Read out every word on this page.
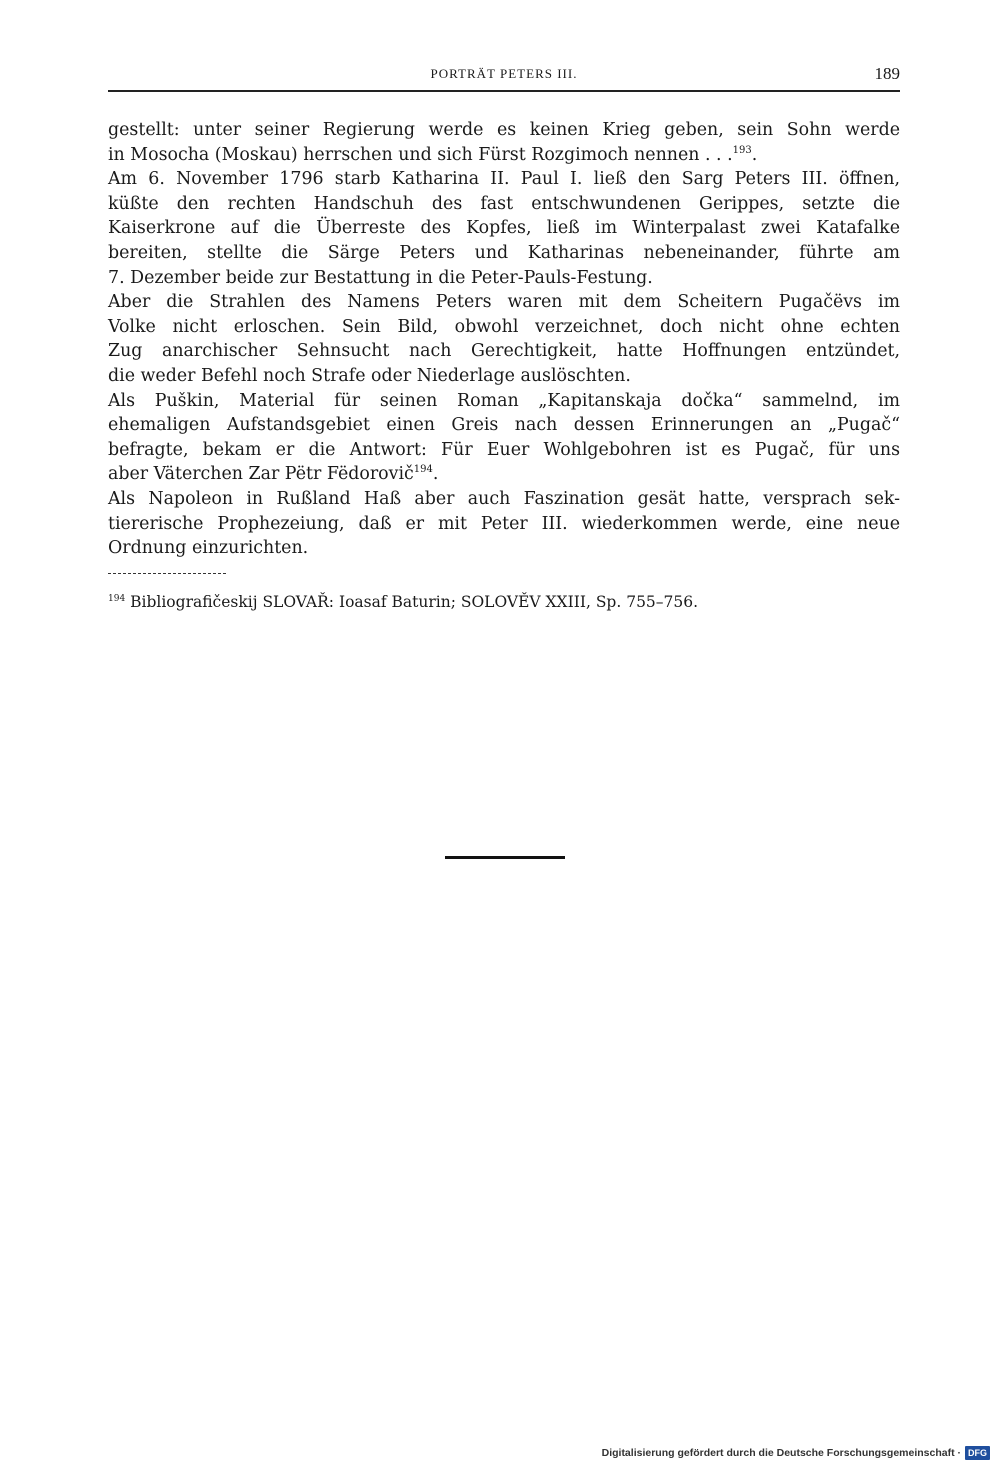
PORTRÄT PETERS III.	189

gestellt: unter seiner Regierung werde es keinen Krieg geben, sein Sohn werde
in Mosocha (Moskau) herrschen und sich Fürst Rozgimoch nennen . . .$^{193}$.

Am 6. November 1796 starb Katharina II. Paul I. ließ den Sarg Peters III. öffnen,
küßte den rechten Handschuh des fast entschwundenen Gerippes, setzte die
Kaiserkrone auf die Überreste des Kopfes, ließ im Winterpalast zwei Katafalke
bereiten, stellte die Särge Peters und Katharinas nebeneinander, führte am
7. Dezember beide zur Bestattung in die Peter-Pauls-Festung.

Aber die Strahlen des Namens Peters waren mit dem Scheitern Pugačëvs im
Volke nicht erloschen. Sein Bild, obwohl verzeichnet, doch nicht ohne echten
Zug anarchischer Sehnsucht nach Gerechtigkeit, hatte Hoffnungen entzündet,
die weder Befehl noch Strafe oder Niederlage auslöschten.

Als Puškin, Material für seinen Roman „Kapitanskaja dočka“ sammelnd, im
ehemaligen Aufstandsgebiet einen Greis nach dessen Erinnerungen an „Pugač“
befragte, bekam er die Antwort: Für Euer Wohlgebohren ist es Pugač, für uns
aber Väterchen Zar Pëtr Fëdorovič$^{194}$.

Als Napoleon in Rußland Haß aber auch Faszination gesät hatte, versprach sek-
tiererische Prophezeiung, daß er mit Peter III. wiederkommen werde, eine neue
Ordnung einzurichten.

$^{194}$ Bibliografičeskij SLOVAŘ: Ioasaf Baturin; SOLOVĚV XXIII, Sp. 755–756.
Digitalisierung gefördert durch die Deutsche Forschungsgemeinschaft · DFG
